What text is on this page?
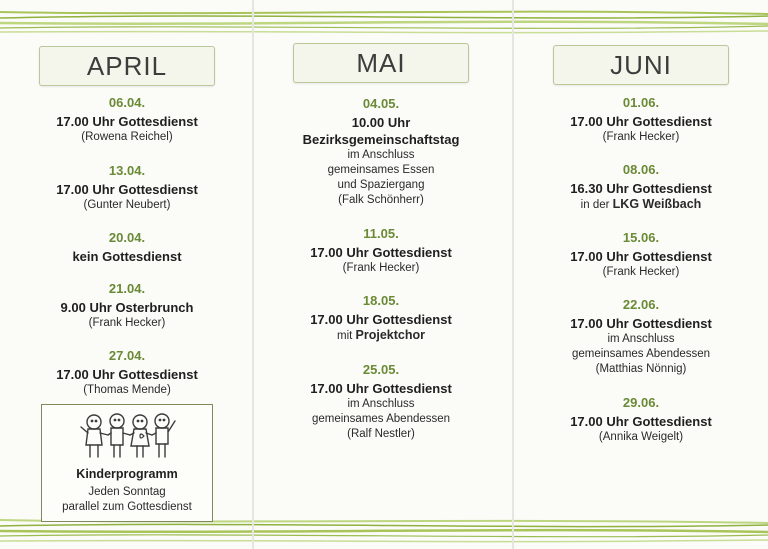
APRIL
06.04.
17.00 Uhr Gottesdienst
(Rowena Reichel)
13.04.
17.00 Uhr Gottesdienst
(Gunter Neubert)
20.04.
kein Gottesdienst
21.04.
9.00 Uhr Osterbrunch
(Frank Hecker)
27.04.
17.00 Uhr Gottesdienst
(Thomas Mende)
Kinderprogramm
Jeden Sonntag
parallel zum Gottesdienst
MAI
04.05.
10.00 Uhr
Bezirksgemeinschaftstag
im Anschluss
gemeinsames Essen
und Spaziergang
(Falk Schönherr)
11.05.
17.00 Uhr Gottesdienst
(Frank Hecker)
18.05.
17.00 Uhr Gottesdienst
mit Projektchor
25.05.
17.00 Uhr Gottesdienst
im Anschluss
gemeinsames Abendessen
(Ralf Nestler)
JUNI
01.06.
17.00 Uhr Gottesdienst
(Frank Hecker)
08.06.
16.30 Uhr Gottesdienst
in der LKG Weißbach
15.06.
17.00 Uhr Gottesdienst
(Frank Hecker)
22.06.
17.00 Uhr Gottesdienst
im Anschluss
gemeinsames Abendessen
(Matthias Nönnig)
29.06.
17.00 Uhr Gottesdienst
(Annika Weigelt)
